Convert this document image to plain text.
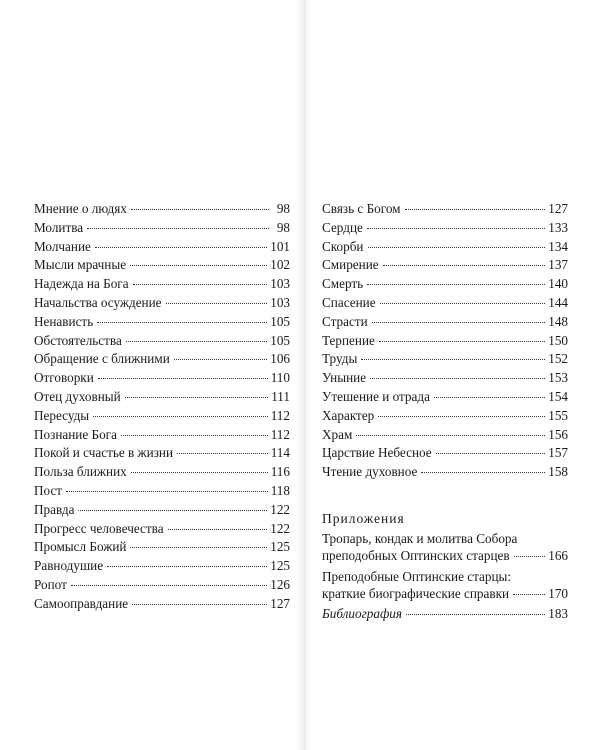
Мнение о людях	98
Молитва	98
Молчание	101
Мысли мрачные	102
Надежда на Бога	103
Начальства осуждение	103
Ненависть	105
Обстоятельства	105
Обращение с ближними	106
Отговорки	110
Отец духовный	111
Пересуды	112
Познание Бога	112
Покой и счастье в жизни	114
Польза ближних	116
Пост	118
Правда	122
Прогресс человечества	122
Промысл Божий	125
Равнодушие	125
Ропот	126
Самооправдание	127
Связь с Богом	127
Сердце	133
Скорби	134
Смирение	137
Смерть	140
Спасение	144
Страсти	148
Терпение	150
Труды	152
Уныние	153
Утешение и отрада	154
Характер	155
Храм	156
Царствие Небесное	157
Чтение духовное	158
Приложения
Тропарь, кондак и молитва Собора
преподобных Оптинских старцев	166
Преподобные Оптинские старцы:
краткие биографические справки	170
Библиография	183
